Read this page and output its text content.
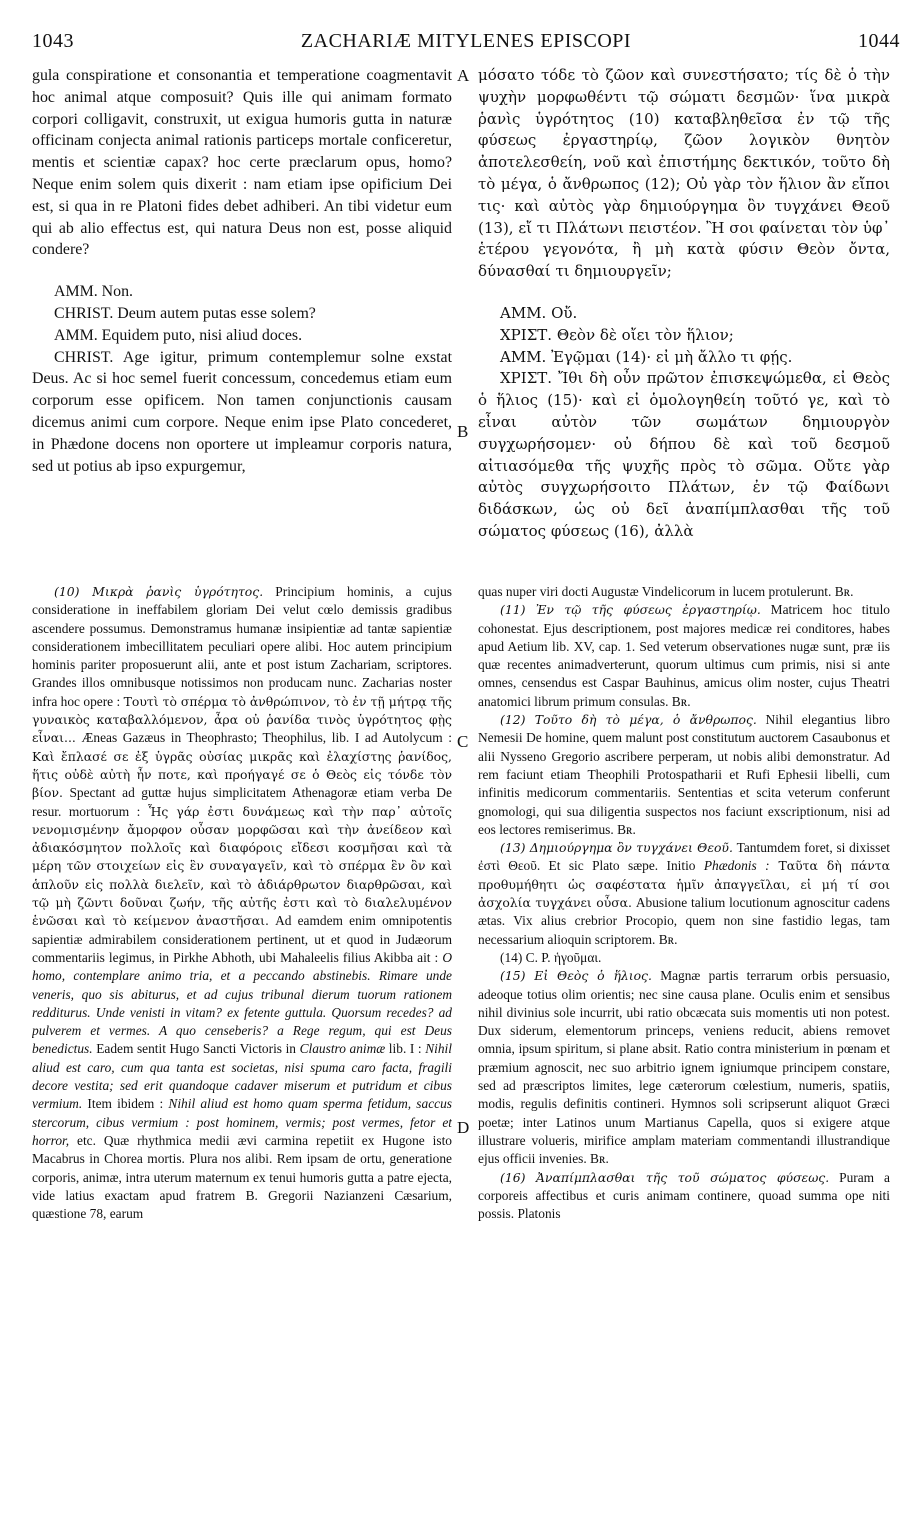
1043	ZACHARIÆ MITYLENES EPISCOPI	1044
A
B
C
D

gula conspiratione et consonantia et temperatione coagmentavit hoc animal atque composuit? Quis ille qui animam formato corpori colligavit, construxit, ut exigua humoris gutta in naturæ officinam conjecta animal rationis particeps mortale conficeretur, mentis et scientiæ capax? hoc certe præclarum opus, homo? Neque enim solem quis dixerit : nam etiam ipse opificium Dei est, si qua in re Platoni fides debet adhiberi. An tibi videtur eum qui ab alio effectus est, qui natura Deus non est, posse aliquid condere?

AMM. Non.

CHRIST. Deum autem putas esse solem?

AMM. Equidem puto, nisi aliud doces.

CHRIST. Age igitur, primum contemplemur solne exstat Deus. Ac si hoc semel fuerit concessum, concedemus etiam eum corporum esse opificem. Non tamen conjunctionis causam dicemus animi cum corpore. Neque enim ipse Plato concederet, in Phædone docens non oportere ut impleamur corporis natura, sed ut potius ab ipso expurgemur,

μόσατο τόδε τὸ ζῶον καὶ συνεστήσατο; τίς δὲ ὁ τὴν ψυχὴν μορφωθέντι τῷ σώματι δεσμῶν· ἵνα μικρὰ ῥανὶς ὑγρότητος (10) καταβληθεῖσα ἐν τῷ τῆς φύσεως ἐργαστηρίῳ, ζῶον λογικὸν θνητὸν ἀποτελεσθείη, νοῦ καὶ ἐπιστήμης δεκτικόν, τοῦτο δὴ τὸ μέγα, ὁ ἄνθρωπος (12); Οὐ γὰρ τὸν ἥλιον ἂν εἴποι τις· καὶ αὐτὸς γὰρ δημιούργημα ὂν τυγχάνει Θεοῦ (13), εἴ τι Πλάτωνι πειστέον. Ἢ σοι φαίνεται τὸν ὑφ᾽ ἑτέρου γεγονότα, ἢ μὴ κατὰ φύσιν Θεὸν ὄντα, δύνασθαί τι δημιουργεῖν;

ΑΜΜ. Οὔ.

ΧΡΙΣΤ. Θεὸν δὲ οἴει τὸν ἥλιον;

ΑΜΜ. Ἐγῷμαι (14)· εἰ μὴ ἄλλο τι φῄς.

ΧΡΙΣΤ. Ἴθι δὴ οὖν πρῶτον ἐπισκεψώμεθα, εἰ Θεὸς ὁ ἥλιος (15)· καὶ εἰ ὁμολογηθείη τοῦτό γε, καὶ τὸ εἶναι αὐτὸν τῶν σωμάτων δημιουργὸν συγχωρήσομεν· οὐ δήπου δὲ καὶ τοῦ δεσμοῦ αἰτιασόμεθα τῆς ψυχῆς πρὸς τὸ σῶμα. Οὔτε γὰρ αὐτὸς συγχωρήσοιτο Πλάτων, ἐν τῷ Φαίδωνι διδάσκων, ὡς οὐ δεῖ ἀναπίμπλασθαι τῆς τοῦ σώματος φύσεως (16), ἀλλὰ

(10) Μικρὰ ῥανὶς ὑγρότητος. Principium hominis, a cujus consideratione in ineffabilem gloriam Dei velut cœlo demissis gradibus ascendere possumus. Demonstramus humanæ insipientiæ ad tantæ sapientiæ considerationem imbecillitatem peculiari opere alibi. Hoc autem principium hominis pariter proposuerunt alii, ante et post istum Zachariam, scriptores. Grandes illos omnibusque notissimos non producam nunc. Zacharias noster infra hoc opere : Τουτὶ τὸ σπέρμα τὸ ἀνθρώπινον, τὸ ἐν τῇ μήτρᾳ τῆς γυναικὸς καταβαλλόμενον, ἆρα οὐ ῥανίδα τινὸς ὑγρότητος φῂς εἶναι... Æneas Gazæus in Theophrasto; Theophilus, lib. I ad Autolycum : Καὶ ἔπλασέ σε ἐξ ὑγρᾶς οὐσίας μικρᾶς καὶ ἐλαχίστης ῥανίδος, ἥτις οὐδὲ αὐτὴ ἦν ποτε, καὶ προήγαγέ σε ὁ Θεὸς εἰς τόνδε τὸν βίον. Spectant ad guttæ hujus simplicitatem Athenagoræ etiam verba De resur. mortuorum : Ἧς γάρ ἐστι δυνάμεως καὶ τὴν παρ᾽ αὐτοῖς νενομισμένην ἄμορφον οὖσαν μορφῶσαι καὶ τὴν ἀνείδεον καὶ ἀδιακόσμητον πολλοῖς καὶ διαφόροις εἴδεσι κοσμῆσαι καὶ τὰ μέρη τῶν στοιχείων εἰς ἓν συναγαγεῖν, καὶ τὸ σπέρμα ἓν ὂν καὶ ἁπλοῦν εἰς πολλὰ διελεῖν, καὶ τὸ ἀδιάρθρωτον διαρθρῶσαι, καὶ τῷ μὴ ζῶντι δοῦναι ζωήν, τῆς αὐτῆς ἐστι καὶ τὸ διαλελυμένον ἑνῶσαι καὶ τὸ κείμενον ἀναστῆσαι. Ad eamdem enim omnipotentis sapientiæ admirabilem considerationem pertinent, ut et quod in Judæorum commentariis legimus, in Pirkhe Abhoth, ubi Mahaleelis filius Akibba ait : O homo, contemplare animo tria, et a peccando abstinebis. Rimare unde veneris, quo sis abiturus, et ad cujus tribunal dierum tuorum rationem redditurus. Unde venisti in vitam? ex fetente guttula. Quorsum recedes? ad pulverem et vermes. A quo censeberis? a Rege regum, qui est Deus benedictus. Eadem sentit Hugo Sancti Victoris in Claustro animæ lib. I : Nihil aliud est caro, cum qua tanta est societas, nisi spuma caro facta, fragili decore vestita; sed erit quandoque cadaver miserum et putridum et cibus vermium. Item ibidem : Nihil aliud est homo quam sperma fetidum, saccus stercorum, cibus vermium : post hominem, vermis; post vermes, fetor et horror, etc. Quæ rhythmica medii ævi carmina repetiit ex Hugone isto Macabrus in Chorea mortis. Plura nos alibi. Rem ipsam de ortu, generatione corporis, animæ, intra uterum maternum ex tenui humoris gutta a patre ejecta, vide latius exactam apud fratrem B. Gregorii Nazianzeni Cæsarium, quæstione 78, earum

quas nuper viri docti Augustæ Vindelicorum in lucem protulerunt. Bʀ.

(11) Ἐν τῷ τῆς φύσεως ἐργαστηρίῳ. Matricem hoc titulo cohonestat. Ejus descriptionem, post majores medicæ rei conditores, habes apud Aetium lib. XV, cap. 1. Sed veterum observationes nugæ sunt, præ iis quæ recentes animadverterunt, quorum ultimus cum primis, nisi si ante omnes, censendus est Caspar Bauhinus, amicus olim noster, cujus Theatri anatomici librum primum consulas. Bʀ.

(12) Τοῦτο δὴ τὸ μέγα, ὁ ἄνθρωπος. Nihil elegantius libro Nemesii De homine, quem malunt post constitutum auctorem Casaubonus et alii Nysseno Gregorio ascribere perperam, ut nobis alibi demonstratur. Ad rem faciunt etiam Theophili Protospatharii et Rufi Ephesii libelli, cum infinitis medicorum commentariis. Sententias et scita veterum conferunt gnomologi, qui sua diligentia suspectos nos faciunt exscriptionum, nisi ad eos lectores remiserimus. Bʀ.

(13) Δημιούργημα ὂν τυγχάνει Θεοῦ. Tantumdem foret, si dixisset ἐστὶ Θεοῦ. Et sic Plato sæpe. Initio Phædonis : Ταῦτα δὴ πάντα προθυμήθητι ὡς σαφέστατα ἡμῖν ἀπαγγεῖλαι, εἰ μή τί σοι ἀσχολία τυγχάνει οὖσα. Abusione talium locutionum agnoscitur cadens ætas. Vix alius crebrior Procopio, quem non sine fastidio legas, tam necessarium alioquin scriptorem. Bʀ.

(14) C. P. ἡγοῦμαι.

(15) Εἰ Θεὸς ὁ ἥλιος. Magnæ partis terrarum orbis persuasio, adeoque totius olim orientis; nec sine causa plane. Oculis enim et sensibus nihil divinius sole incurrit, ubi ratio obcæcata suis momentis uti non potest. Dux siderum, elementorum princeps, veniens reducit, abiens removet omnia, ipsum spiritum, si plane absit. Ratio contra ministerium in pœnam et præmium agnoscit, nec suo arbitrio ignem igniumque principem constare, sed ad præscriptos limites, lege cæterorum cœlestium, numeris, spatiis, modis, regulis definitis contineri. Hymnos soli scripserunt aliquot Græci poetæ; inter Latinos unum Martianus Capella, quos si exigere atque illustrare volueris, mirifice amplam materiam commentandi illustrandique ejus officii invenies. Bʀ.

(16) Ἀναπίμπλασθαι τῆς τοῦ σώματος φύσεως. Puram a corporeis affectibus et curis animam continere, quoad summa ope niti possis. Platonis
